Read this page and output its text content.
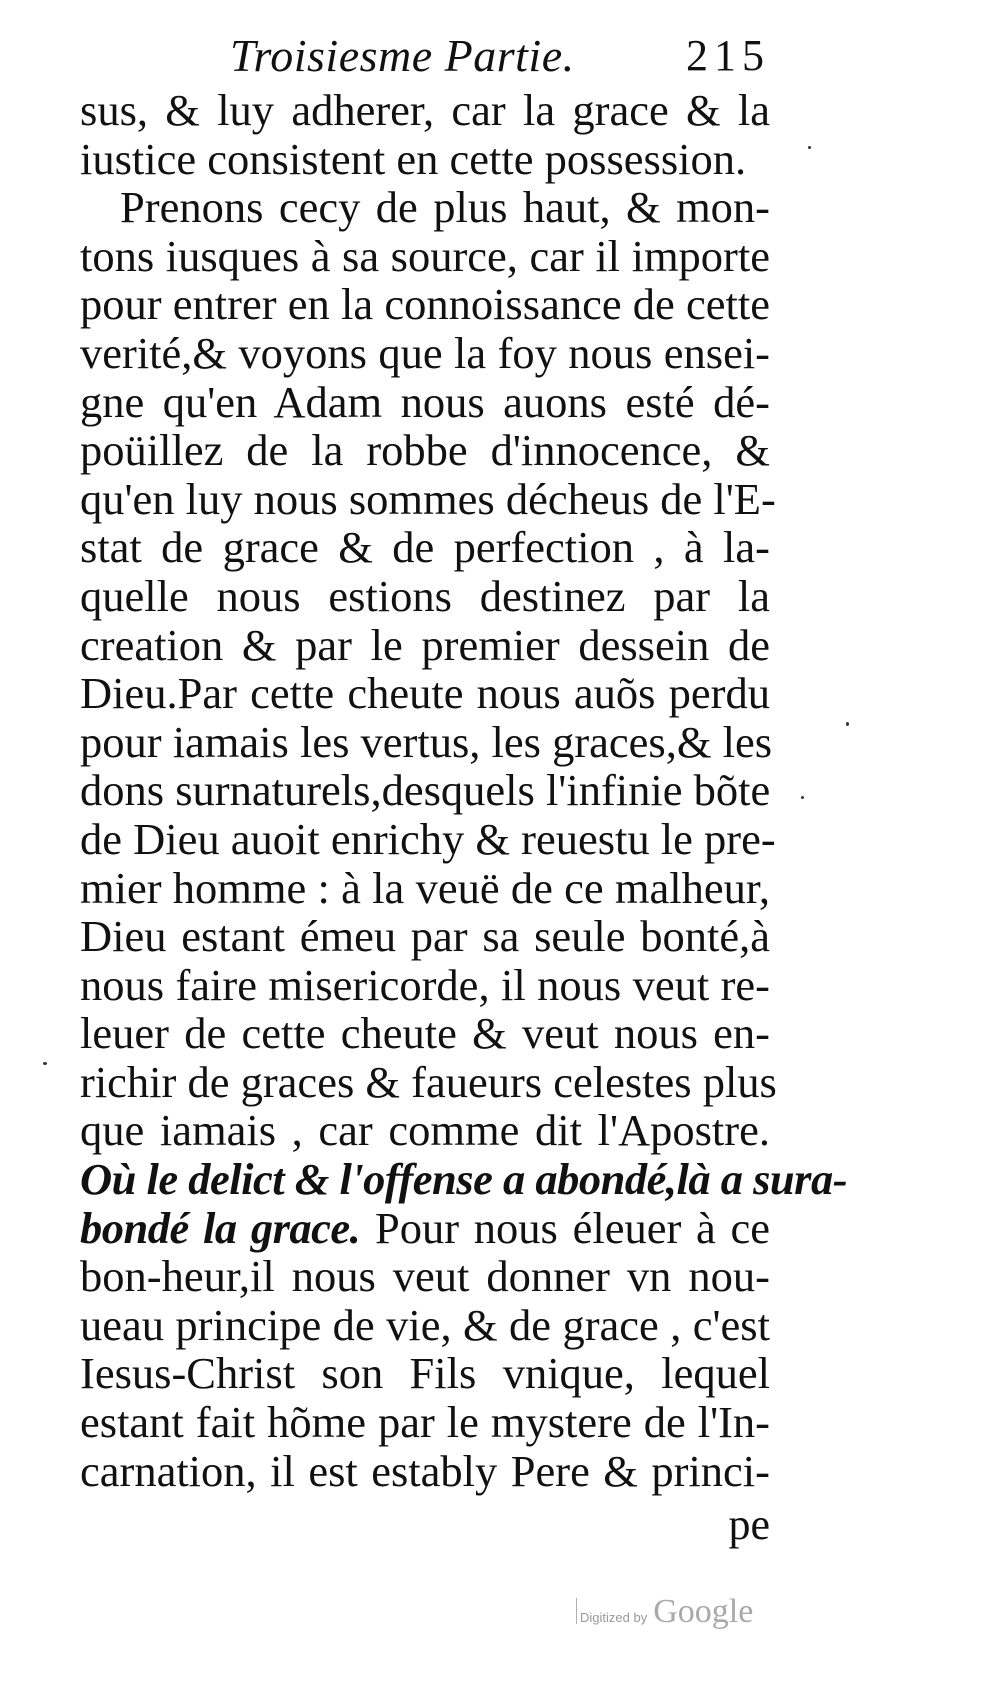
Troisiesme Partie.	215
sus, & luy adherer, car la grace & la
iustice consistent en cette possession.
Prenons cecy de plus haut, & mon-
tons iusques à sa source, car il importe
pour entrer en la connoissance de cette
verité,& voyons que la foy nous ensei-
gne qu'en Adam nous auons esté dé-
poüillez de la robbe d'innocence, &
qu'en luy nous sommes décheus de l'E-
stat de grace & de perfection , à la-
quelle nous estions destinez par la
creation & par le premier dessein de
Dieu.Par cette cheute nous auõs perdu
pour iamais les vertus, les graces,& les
dons surnaturels,desquels l'infinie bõte
de Dieu auoit enrichy & reuestu le pre-
mier homme : à la veuë de ce malheur,
Dieu estant émeu par sa seule bonté,à
nous faire misericorde, il nous veut re-
leuer de cette cheute & veut nous en-
richir de graces & faueurs celestes plus
que iamais , car comme dit l'Apostre.
Où le delict & l'offense a abondé,là a sura-
bondé la grace. Pour nous éleuer à ce
bon-heur,il nous veut donner vn nou-
ueau principe de vie, & de grace , c'est
Iesus-Christ son Fils vnique, lequel
estant fait hõme par le mystere de l'In-
carnation, il est estably Pere & princi-
pe
Digitized by Google
